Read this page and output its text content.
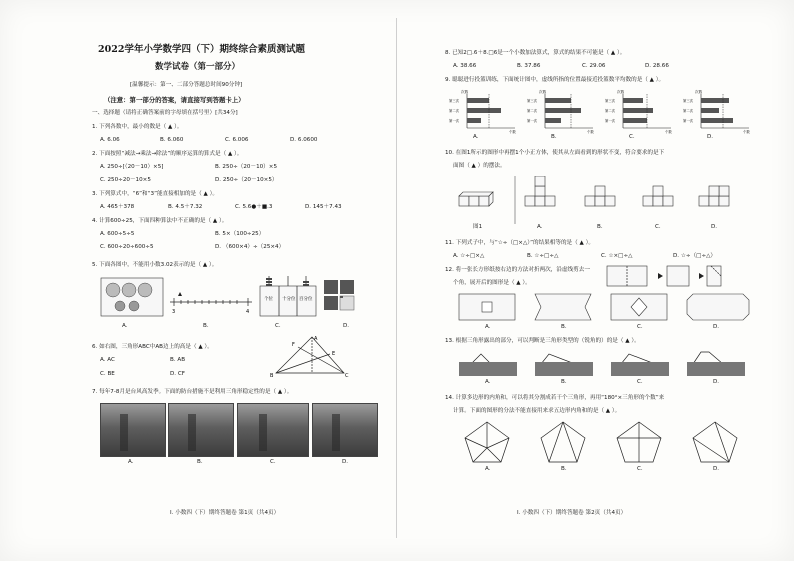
2022学年小学数学四（下）期终综合素质测试题
数学试卷（第一部分）
[温馨提示：第一、二部分答题总时间90分钟]
（注意：第一部分的答案，请直接写到答题卡上）
一、选择题（请将正确答案前的字母填在括号里）[共34分]
1. 下列各数中，最小的数是（ ▲ ）。
A. 6.06	B. 6.060	C. 6.006	D. 6.0600
2. 下面按照“减法→乘法→除法”的顺序运算的算式是（ ▲ ）。
A. 250÷[（20－10）×5]	B. 250÷（20－10）×5
C. 250÷20－10×5	D. 250÷（20－10×5）
3. 下列算式中，“6”和“3”能直接相加的是（ ▲ ）。
A. 465＋378	B. 4.5＋7.32	C. 5.6●＋■.3	D. 145＋7.43
4. 计算600÷25，下面四种算法中不正确的是（ ▲ ）。
A. 600÷5÷5	B. 5×（100÷25）
C. 600÷20÷600÷5	D. （600×4）÷（25×4）
5. 下面各图中，不能用小数3.02表示的是（ ▲ ）。
3	4
个位 十分位 百分位
A.	B.	C.	D.
6. 如右图，三角形ABC中AB边上的高是（ ▲ ）。
A. AC	B. AB
C. BE	D. CF
A
B	C
E
F
7. 每年7-8月是台风高发季。下面的防台措施不是利用三角形稳定性的是（ ▲ ）。
A.	B.	C.	D.
I. 小数四（下）期终答题卷 第1页（共4页）
8. 已知2□.6＋8.□6是一个小数加法算式，算式的结果不可能是（ ▲ ）。
A. 38.66	B. 37.86	C. 29.06	D. 28.66
9. 聪聪进行投篮训练，下面统计图中，虚线所指的位置最接近投篮数平均数的是（ ▲ ）。
次数
第三次
第二次
第一次
个数
次数
第三次
第二次
第一次
个数
次数
第三次
第二次
第一次
个数
次数
第三次
第二次
第一次
个数
A.	B.	C.	D.
10. 在图1所示的图形中再摆1个小正方体，使其从左面看到的形状不变，符合要求的是下
面图（ ▲ ）的摆法。
图1	A.	B.	C.	D.
11. 下列式子中，与“☆÷（□×△）”的结果相等的是（ ▲ ）。
A. ☆÷□×△	B. ☆÷□÷△	C. ☆×□÷△	D. ☆÷（□÷△）
12. 将一张长方形纸按右边的方法对折两次，沿虚线剪去一
个角，展开后的图形是（ ▲ ）。
A.	B.	C.	D.
13. 根据三角形露出的部分，可以判断是三角形类型的（锐角的）的是（ ▲ ）。
A.	B.	C.	D.
14. 计算多边形的内角和，可以将其分割成若干个三角形，再用“180°×三角形的个数”来
计算。下面的图形的分法不能直接用来求五边形内角和的是（ ▲ ）。
A.	B.	C.	D.
I. 小数四（下）期终答题卷 第2页（共4页）
